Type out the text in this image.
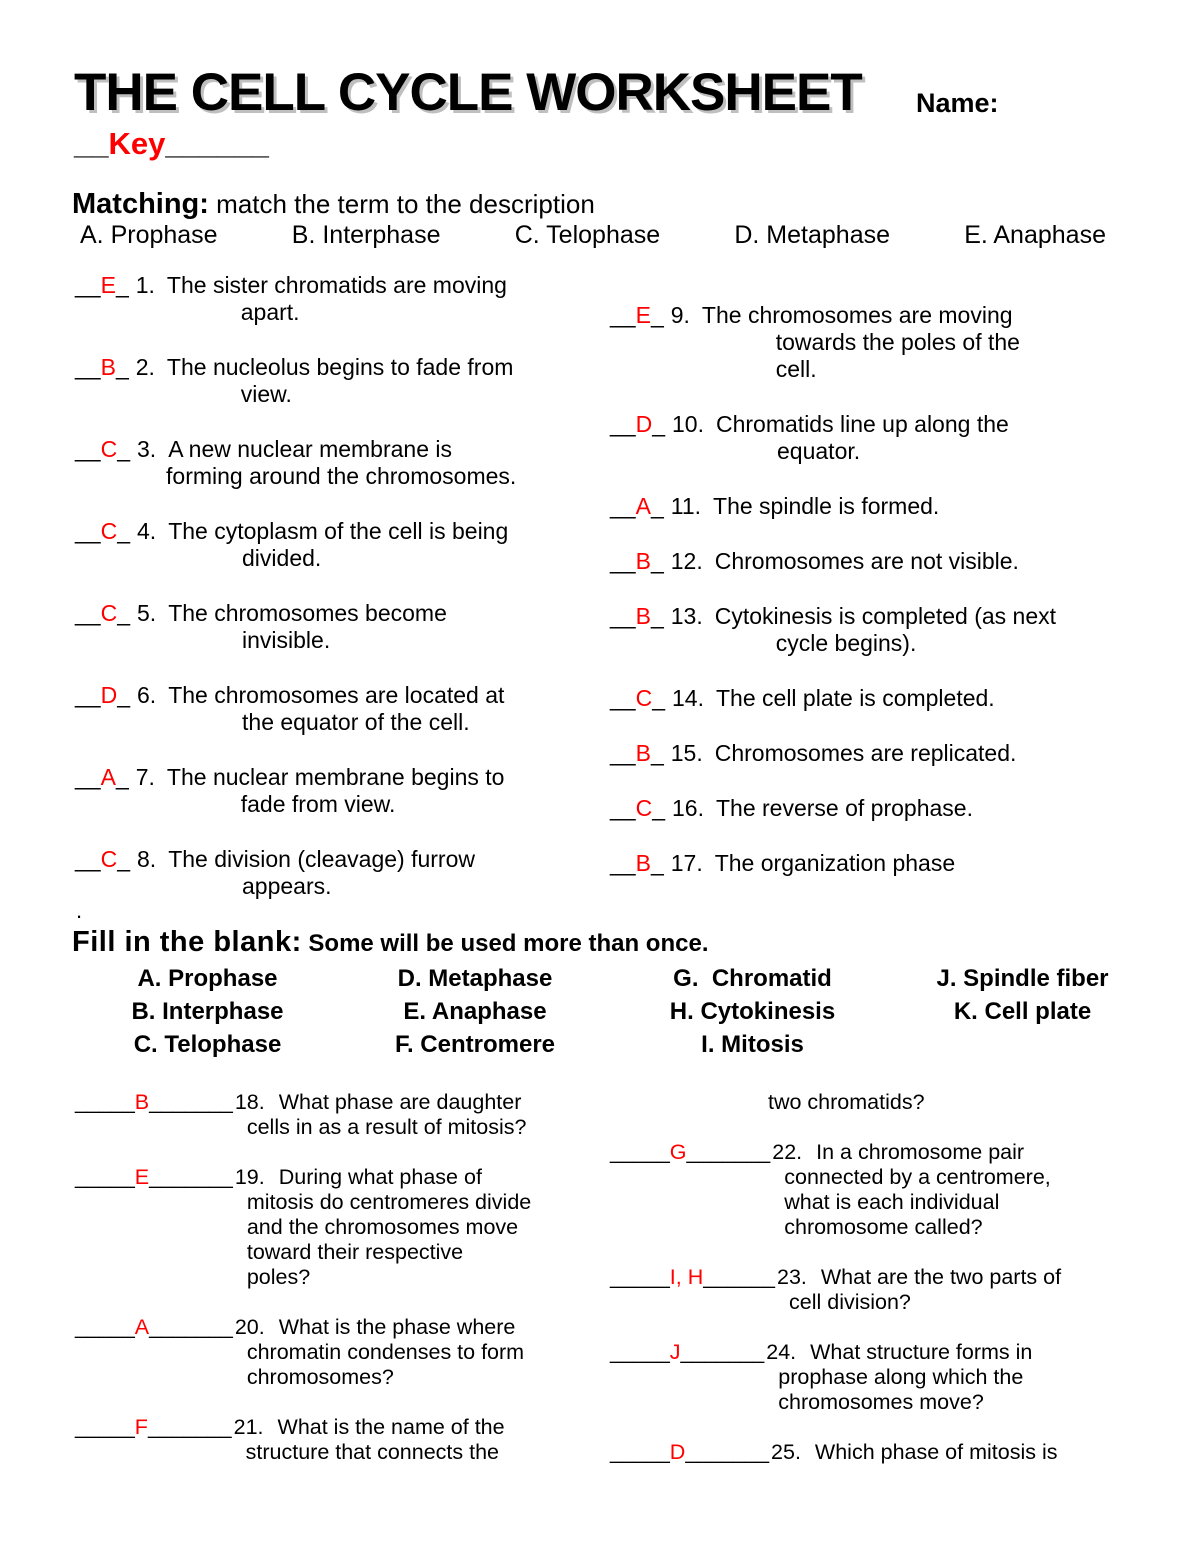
THE CELL CYCLE WORKSHEET Name:
__Key______
Matching: match the term to the description
A. Prophase	B. Interphase	C. Telophase	D. Metaphase	E. Anaphase
__E_ 1. The sister chromatids are moving
apart.
__B_ 2. The nucleolus begins to fade from
view.
__C_ 3. A new nuclear membrane is
forming around the chromosomes.
__C_ 4. The cytoplasm of the cell is being
divided.
__C_ 5. The chromosomes become
invisible.
__D_ 6. The chromosomes are located at
the equator of the cell.
__A_ 7. The nuclear membrane begins to
fade from view.
__C_ 8. The division (cleavage) furrow
appears.
__E_ 9. The chromosomes are moving
towards the poles of the
cell.
__D_ 10. Chromatids line up along the
equator.
__A_ 11. The spindle is formed.
__B_ 12. Chromosomes are not visible.
__B_ 13. Cytokinesis is completed (as next
cycle begins).
__C_ 14. The cell plate is completed.
__B_ 15. Chromosomes are replicated.
__C_ 16. The reverse of prophase.
__B_ 17. The organization phase
.
Fill in the blank: Some will be used more than once.
A. Prophase
B. Interphase
C. Telophase
D. Metaphase
E. Anaphase
F. Centromere
G.  Chromatid
H. Cytokinesis
I. Mitosis
J. Spindle fiber
K. Cell plate
_____B_______ 18. What phase are daughter
cells in as a result of mitosis?
_____E_______ 19. During what phase of
mitosis do centromeres divide
and the chromosomes move
toward their respective
poles?
_____A_______ 20. What is the phase where
chromatin condenses to form
chromosomes?
_____F_______ 21. What is the name of the
structure that connects the
two chromatids?
_____G_______ 22. In a chromosome pair
connected by a centromere,
what is each individual
chromosome called?
_____I, H______ 23. What are the two parts of
cell division?
_____J_______ 24. What structure forms in
prophase along which the
chromosomes move?
_____D_______ 25. Which phase of mitosis is
